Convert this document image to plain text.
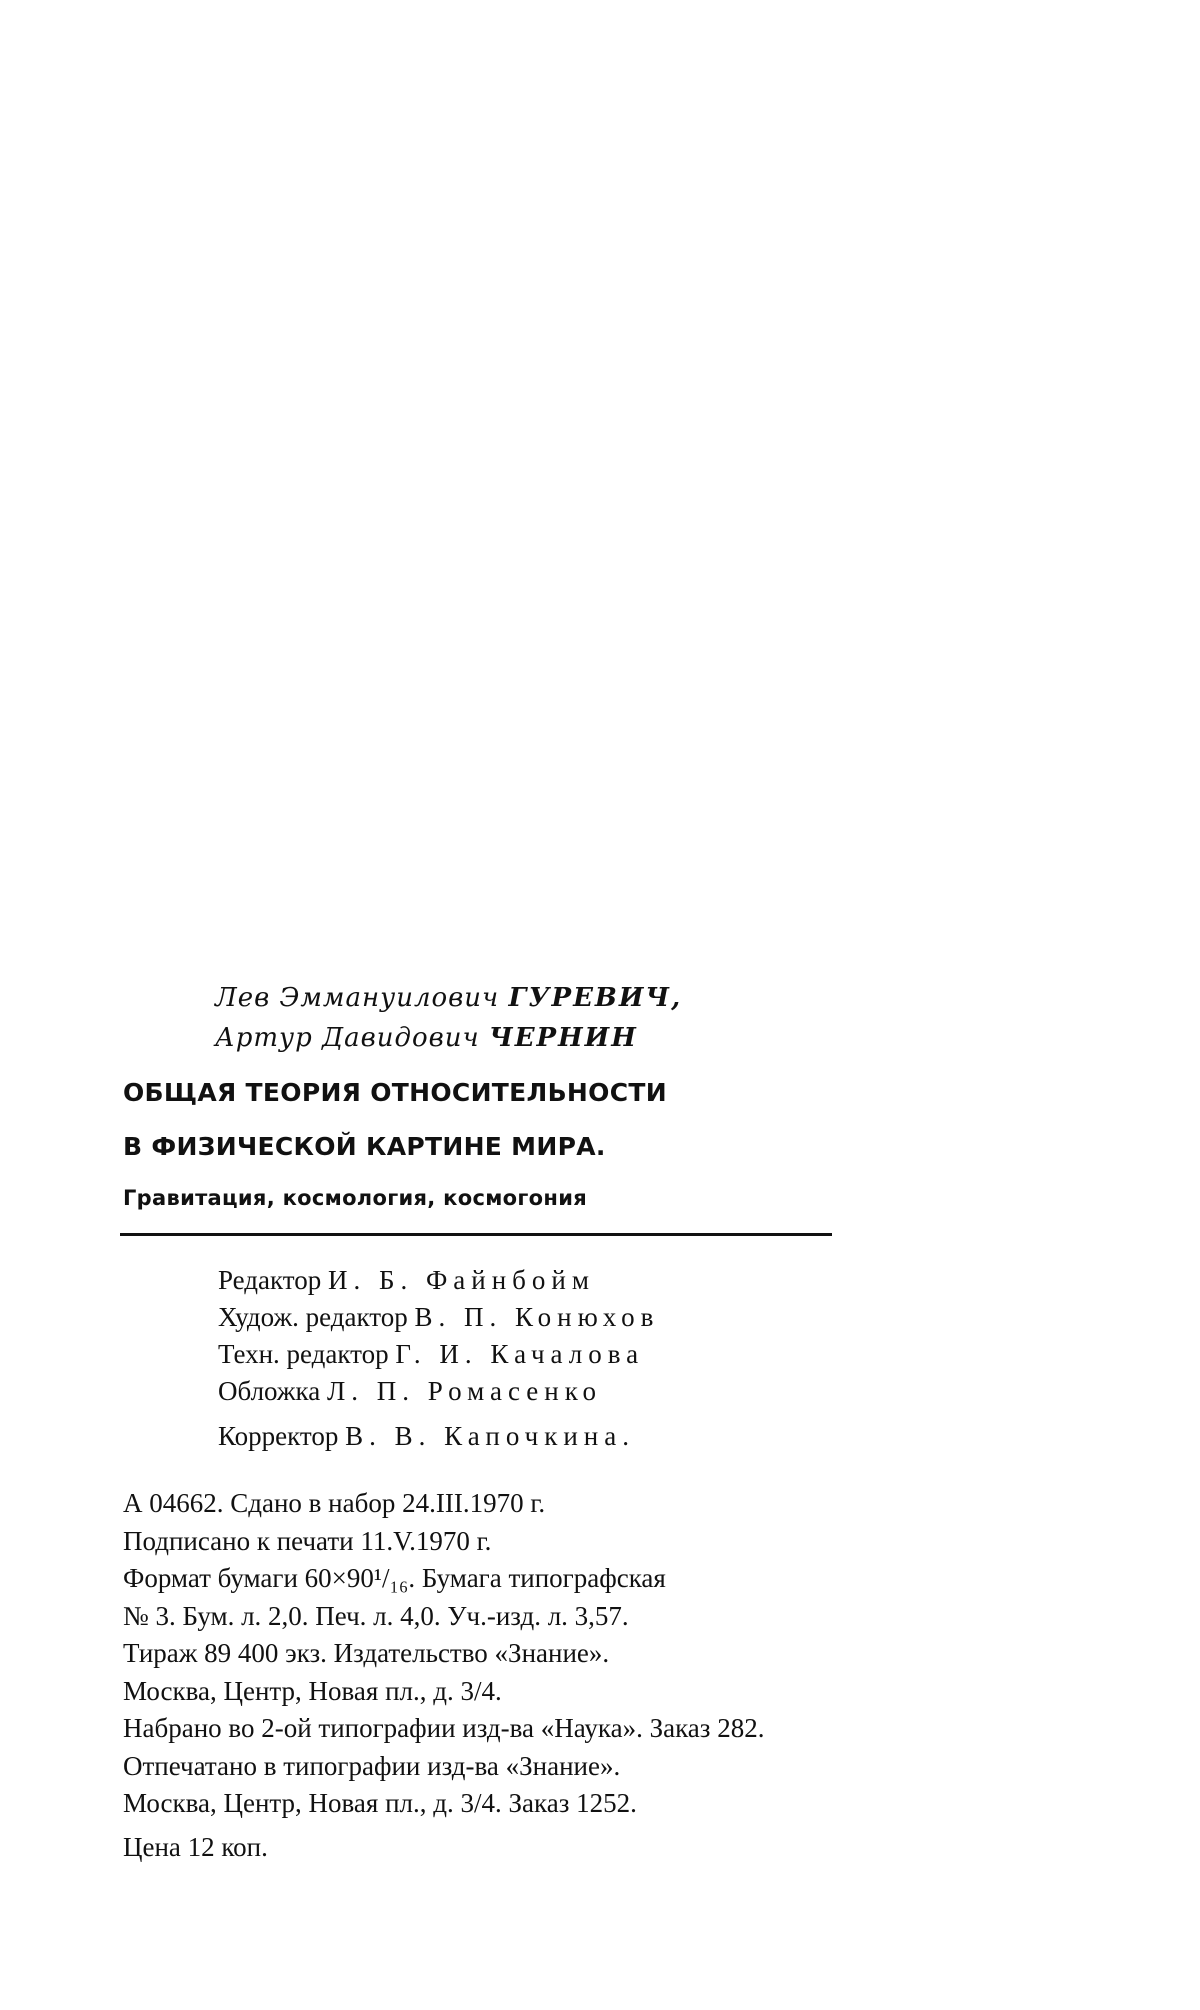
Лев Эммануилович ГУРЕВИЧ,
Артур Давидович ЧЕРНИН
ОБЩАЯ ТЕОРИЯ ОТНОСИТЕЛЬНОСТИ
В ФИЗИЧЕСКОЙ КАРТИНЕ МИРА.
Гравитация, космология, космогония
Редактор И. Б. Файнбойм
Худож. редактор В. П. Конюхов
Техн. редактор Г. И. Качалова
Обложка Л. П. Ромасенко
Корректор В. В. Капочкина.
А 04662. Сдано в набор 24.III.1970 г.
Подписано к печати 11.V.1970 г.
Формат бумаги 60×90¹/₁₆. Бумага типографская
№ 3. Бум. л. 2,0. Печ. л. 4,0. Уч.-изд. л. 3,57.
Тираж 89 400 экз. Издательство «Знание».
Москва, Центр, Новая пл., д. 3/4.
Набрано во 2-ой типографии изд-ва «Наука». Заказ 282.
Отпечатано в типографии изд-ва «Знание».
Москва, Центр, Новая пл., д. 3/4. Заказ 1252.
Цена 12 коп.
